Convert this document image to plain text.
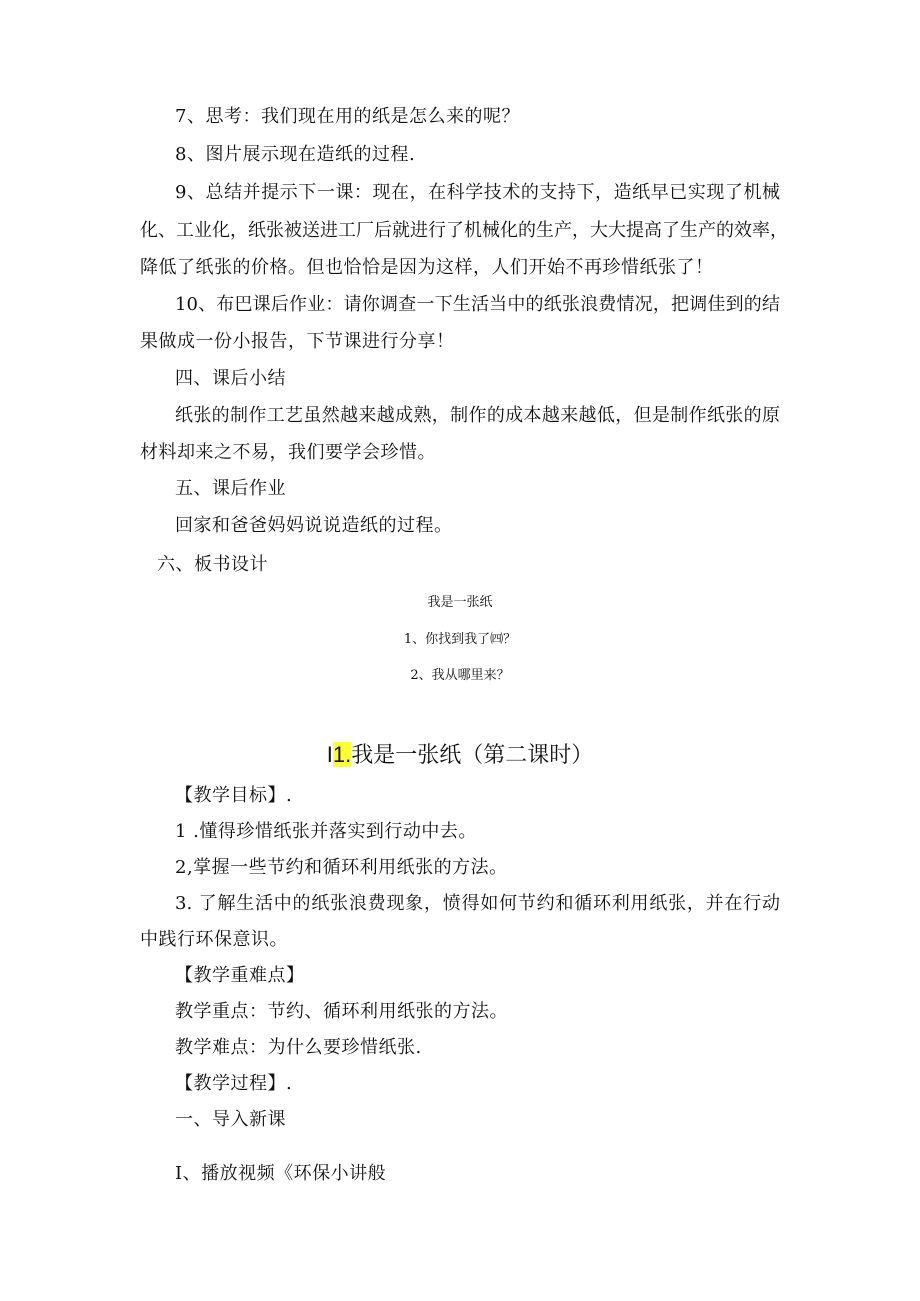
7、思考：我们现在用的纸是怎么来的呢？
8、图片展示现在造纸的过程.
9、总结并提示下一课：现在，在科学技术的支持下，造纸早已实现了机械
化、工业化，纸张被送进工厂后就进行了机械化的生产，大大提高了生产的效率，
降低了纸张的价格。但也恰恰是因为这样，人们开始不再珍惜纸张了！
10、布巴课后作业：请你调查一下生活当中的纸张浪费情况，把调佳到的结
果做成一份小报告，下节课进行分享！
四、课后小结
纸张的制作工艺虽然越来越成熟，制作的成本越来越低，但是制作纸张的原
材料却来之不易，我们要学会珍惜。
五、课后作业
回家和爸爸妈妈说说造纸的过程。
六、板书设计
我是一张纸
1、你找到我了㈣？
2、我从哪里来？
I1.我是一张纸（第二课时）
【教学目标】.
1 .懂得珍惜纸张并落实到行动中去。
2,掌握一些节约和循环利用纸张的方法。
3. 了解生活中的纸张浪费现象，愤得如何节约和循环利用纸张，并在行动
中践行环保意识。
【教学重难点】
教学重点：节约、循环利用纸张的方法。
教学难点：为什么要珍惜纸张.
【教学过程】.
一、导入新课
I、播放视频《环保小讲般
